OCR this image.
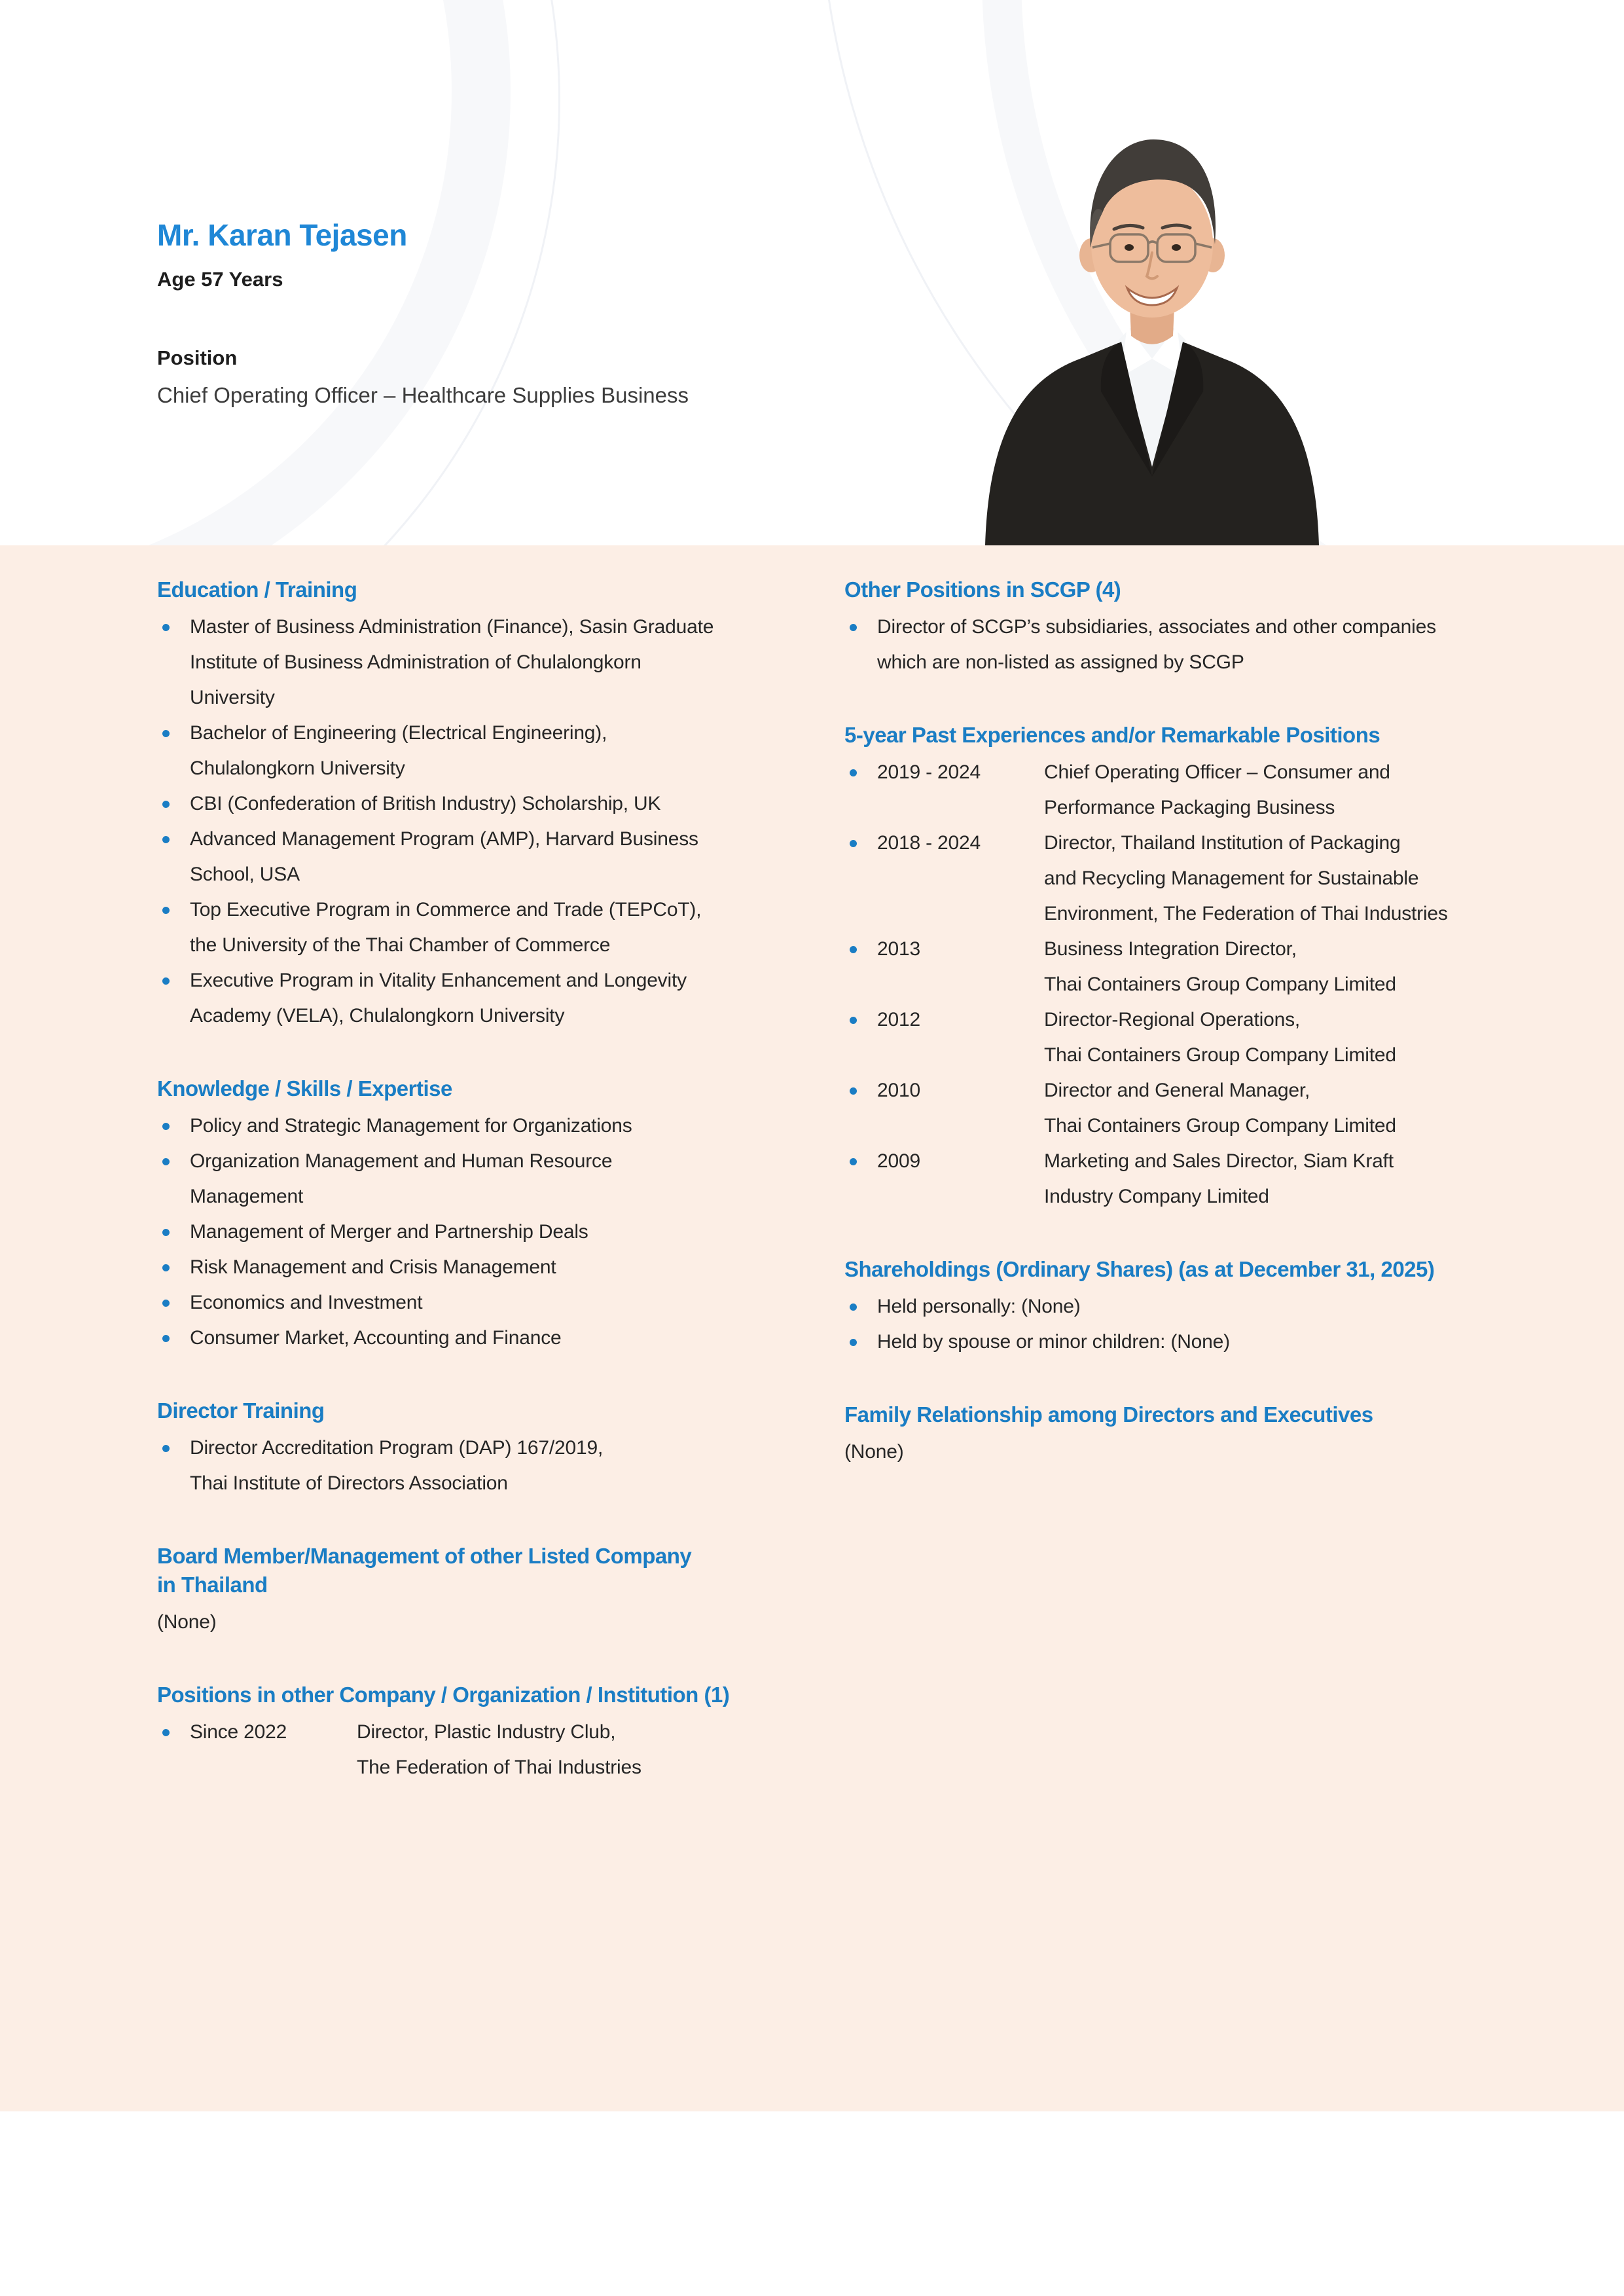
Mr. Karan Tejasen

Age 57 Years

Position

Chief Operating Officer – Healthcare Supplies Business

Education / Training
Master of Business Administration (Finance), Sasin Graduate
Institute of Business Administration of Chulalongkorn
University
Bachelor of Engineering (Electrical Engineering),
Chulalongkorn University
CBI (Confederation of British Industry) Scholarship, UK
Advanced Management Program (AMP), Harvard Business
School, USA
Top Executive Program in Commerce and Trade (TEPCoT),
the University of the Thai Chamber of Commerce
Executive Program in Vitality Enhancement and Longevity
Academy (VELA), Chulalongkorn University
Knowledge / Skills / Expertise
Policy and Strategic Management for Organizations
Organization Management and Human Resource
Management
Management of Merger and Partnership Deals
Risk Management and Crisis Management
Economics and Investment
Consumer Market, Accounting and Finance
Director Training
Director Accreditation Program (DAP) 167/2019,
Thai Institute of Directors Association
Board Member/Management of other Listed Company
in Thailand

(None)

Positions in other Company / Organization / Institution (1)
Since 2022	Director, Plastic Industry Club,
The Federation of Thai Industries
Other Positions in SCGP (4)
Director of SCGP’s subsidiaries, associates and other companies
which are non-listed as assigned by SCGP
5-year Past Experiences and/or Remarkable Positions
2019 - 2024	Chief Operating Officer – Consumer and
Performance Packaging Business
2018 - 2024	Director, Thailand Institution of Packaging
and Recycling Management for Sustainable
Environment, The Federation of Thai Industries
2013	Business Integration Director,
Thai Containers Group Company Limited
2012	Director-Regional Operations,
Thai Containers Group Company Limited
2010	Director and General Manager,
Thai Containers Group Company Limited
2009	Marketing and Sales Director, Siam Kraft
Industry Company Limited
Shareholdings (Ordinary Shares) (as at December 31, 2025)
Held personally: (None)
Held by spouse or minor children: (None)
Family Relationship among Directors and Executives

(None)
